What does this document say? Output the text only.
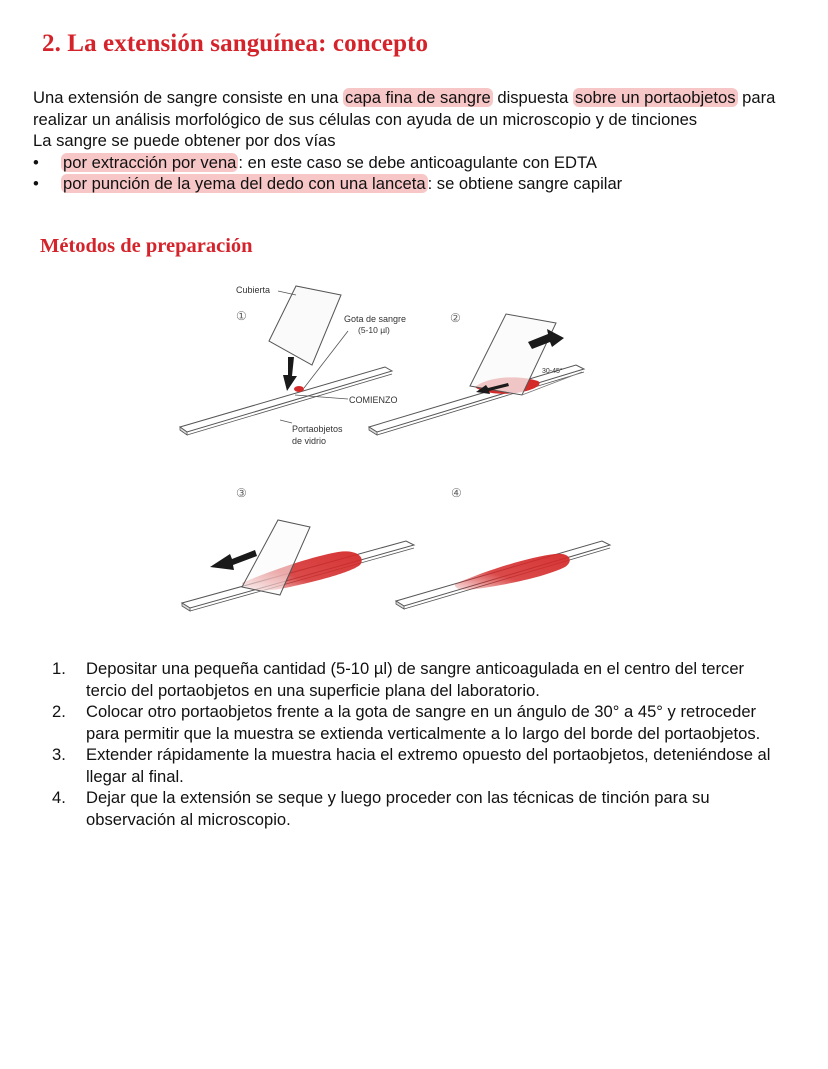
2. La extensión sanguínea: concepto

Una extensión de sangre consiste en una capa fina de sangre dispuesta sobre un portaobjetos para realizar un análisis morfológico de sus células con ayuda de un microscopio y de tinciones

La sangre se puede obtener por dos vías

• por extracción por vena : en este caso se debe anticoagulante con EDTA
• por punción de la yema del dedo con una lanceta : se obtiene sangre capilar
Métodos de preparación
Cubierta
①	Gota de sangre
(5-10 µl)
COMIENZO
Portaobjetos
de vidrio
②
30-45°
③	④
1. Depositar una pequeña cantidad (5-10 µl) de sangre anticoagulada en el centro del tercer tercio del portaobjetos en una superficie plana del laboratorio.
2. Colocar otro portaobjetos frente a la gota de sangre en un ángulo de 30° a 45° y retroceder para permitir que la muestra se extienda verticalmente a lo largo del borde del portaobjetos.
3. Extender rápidamente la muestra hacia el extremo opuesto del portaobjetos, deteniéndose al llegar al final.
4. Dejar que la extensión se seque y luego proceder con las técnicas de tinción para su observación al microscopio.
